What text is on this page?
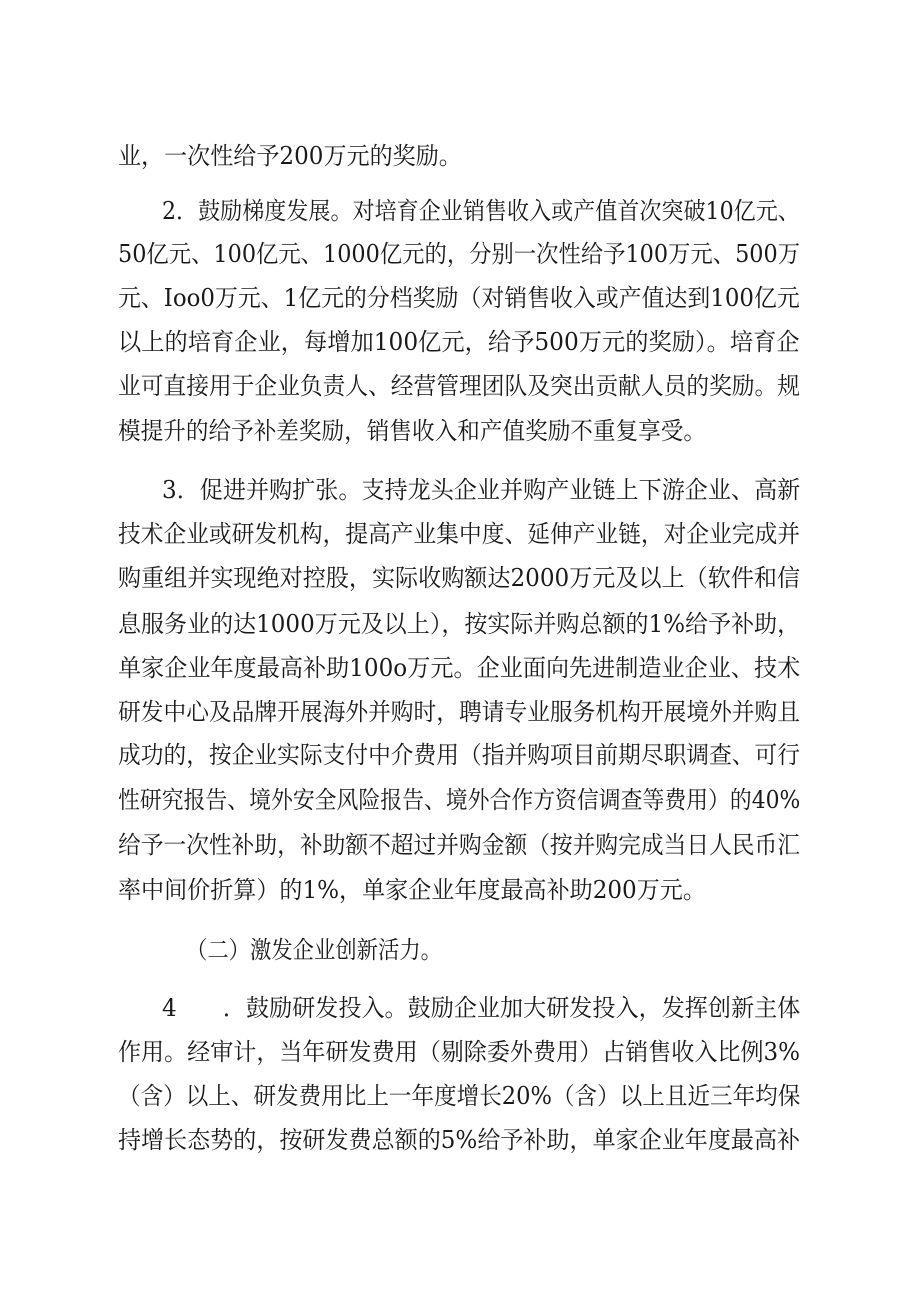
业，一次性给予200万元的奖励。
2．鼓励梯度发展。对培育企业销售收入或产值首次突破10亿元、
50亿元、100亿元、1000亿元的，分别一次性给予100万元、500万
元、Ioo0万元、1亿元的分档奖励（对销售收入或产值达到100亿元
以上的培育企业，每增加100亿元，给予500万元的奖励）。培育企
业可直接用于企业负责人、经营管理团队及突出贡献人员的奖励。规
模提升的给予补差奖励，销售收入和产值奖励不重复享受。
3．促进并购扩张。支持龙头企业并购产业链上下游企业、高新
技术企业或研发机构，提高产业集中度、延伸产业链，对企业完成并
购重组并实现绝对控股，实际收购额达2000万元及以上（软件和信
息服务业的达1000万元及以上），按实际并购总额的1%给予补助，
单家企业年度最高补助100o万元。企业面向先进制造业企业、技术
研发中心及品牌开展海外并购时，聘请专业服务机构开展境外并购且
成功的，按企业实际支付中介费用（指并购项目前期尽职调查、可行
性研究报告、境外安全风险报告、境外合作方资信调查等费用）的40%
给予一次性补助，补助额不超过并购金额（按并购完成当日人民币汇
率中间价折算）的1%，单家企业年度最高补助200万元。
（二）激发企业创新活力。
4　　．鼓励研发投入。鼓励企业加大研发投入，发挥创新主体
作用。经审计，当年研发费用（剔除委外费用）占销售收入比例3%
（含）以上、研发费用比上一年度增长20%（含）以上且近三年均保
持增长态势的，按研发费总额的5%给予补助，单家企业年度最高补
